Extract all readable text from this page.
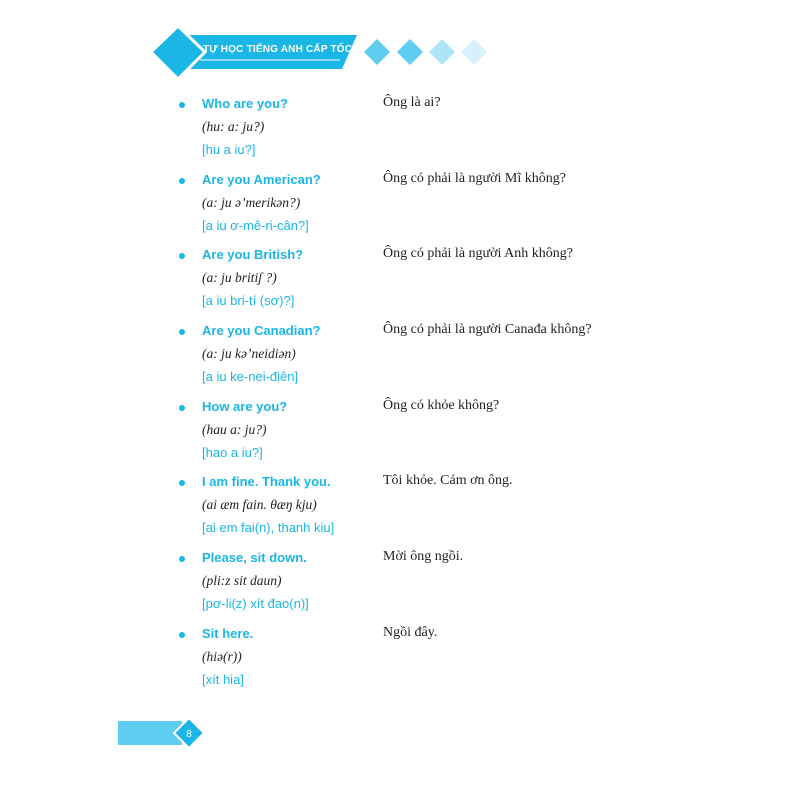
TỰ HỌC TIẾNG ANH CẤP TỐC
Who are you?
(hu: a: ju?)
[hu a iu?]
Ông là ai?
Are you American?
(a: ju ə’merikən?)
[a iu ơ-mê-ri-cân?]
Ông có phải là người Mĩ không?
Are you British?
(a: ju britiʃ ?)
[a iu bri-tí (sơ)?]
Ông có phải là người Anh không?
Are you Canadian?
(a: ju kə’neidiən)
[a iu ke-nei-điên]
Ông có phải là người Canađa không?
How are you?
(hau a: ju?)
[hao a iu?]
Ông có khỏe không?
I am fine. Thank you.
(ai æm fain. θæŋ kju)
[ai em fai(n), thanh kiu]
Tôi khỏe. Cám ơn ông.
Please, sit down.
(pli:z sit daun)
[pơ-li(z) xít đao(n)]
Mời ông ngồi.
Sit here.
(hiə(r))
[xít hia]
Ngồi đây.
8
